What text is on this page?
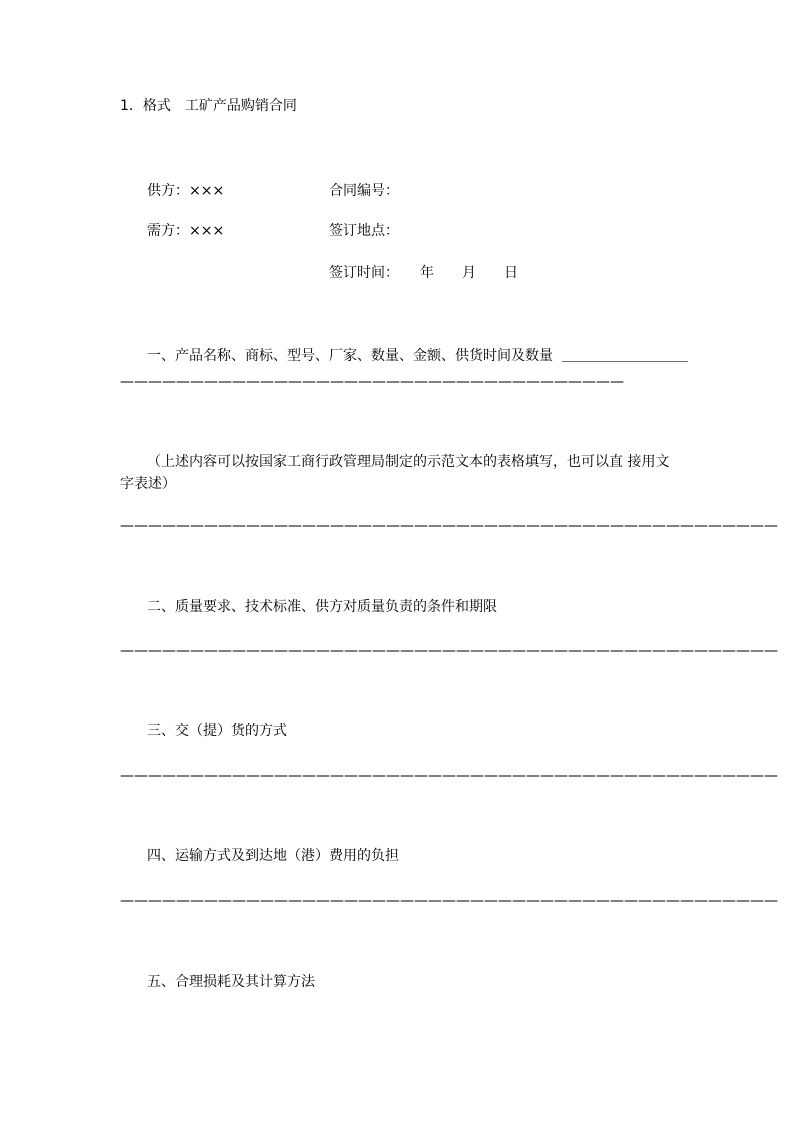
1．格式　工矿产品购销合同
供方：×××	合同编号：
需方：×××	签订地点：
签订时间：　　年　　月　　日
一、产品名称、商标、型号、厂家、数量、金额、供货时间及数量 ＿＿＿＿＿＿＿＿＿
————————————————————————————————————
（上述内容可以按国家工商行政管理局制定的示范文本的表格填写，也可以直 接用文
字表述）
———————————————————————————————————————————————
二、质量要求、技术标准、供方对质量负责的条件和期限
———————————————————————————————————————————————
三、交（提）货的方式
———————————————————————————————————————————————
四、运输方式及到达地（港）费用的负担
———————————————————————————————————————————————
五、合理损耗及其计算方法
